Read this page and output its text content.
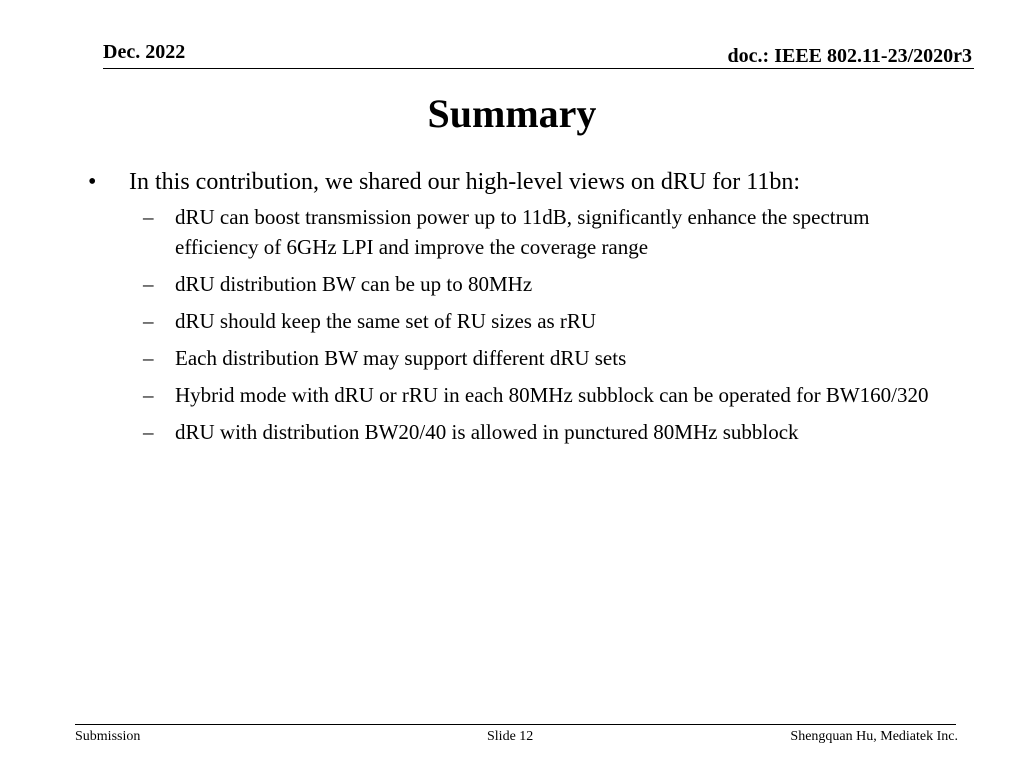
Dec. 2022	doc.: IEEE 802.11-23/2020r3
Summary
• In this contribution, we shared our high-level views on dRU for 11bn:
– dRU can boost transmission power up to 11dB, significantly enhance the spectrum efficiency of 6GHz LPI and improve the coverage range
– dRU distribution BW can be up to 80MHz
– dRU should keep the same set of RU sizes as rRU
– Each distribution BW may support different dRU sets
– Hybrid mode with dRU or rRU in each 80MHz subblock can be operated for BW160/320
– dRU with distribution BW20/40 is allowed in punctured 80MHz subblock
Submission	Slide 12	Shengquan Hu, Mediatek Inc.
